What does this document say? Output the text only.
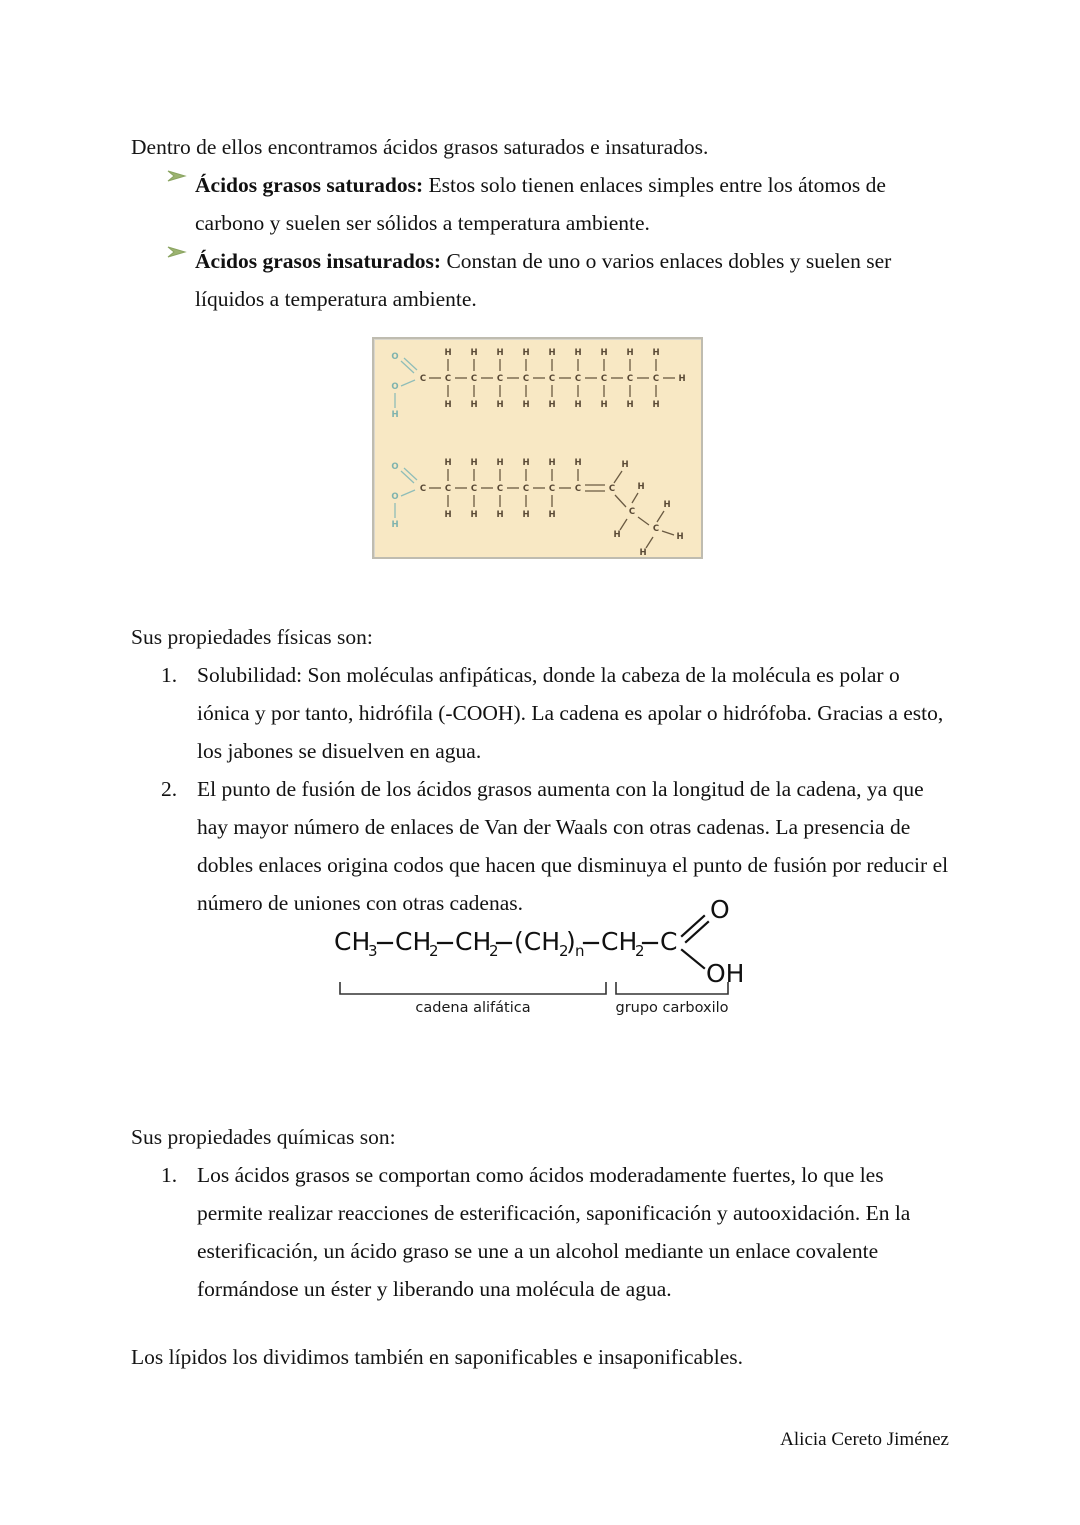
Dentro de ellos encontramos ácidos grasos saturados e insaturados.

Ácidos grasos saturados: Estos solo tienen enlaces simples entre los átomos de carbono y suelen ser sólidos a temperatura ambiente.
Ácidos grasos insaturados: Constan de uno o varios enlaces dobles y suelen ser líquidos a temperatura ambiente.

Sus propiedades físicas son:

1. Solubilidad: Son moléculas anfipáticas, donde la cabeza de la molécula es polar o iónica y por tanto, hidrófila (-COOH). La cadena es apolar o hidrófoba. Gracias a esto, los jabones se disuelven en agua.
2. El punto de fusión de los ácidos grasos aumenta con la longitud de la cadena, ya que hay mayor número de enlaces de Van der Waals con otras cadenas. La presencia de dobles enlaces origina codos que hacen que disminuya el punto de fusión por reducir el número de uniones con otras cadenas.

Sus propiedades químicas son:

1. Los ácidos grasos se comportan como ácidos moderadamente fuertes, lo que les permite realizar reacciones de esterificación, saponificación y autooxidación. En la esterificación, un ácido graso se une a un alcohol mediante un enlace covalente formándose un éster y liberando una molécula de agua.

Los lípidos los dividimos también en saponificables e insaponificables.

O
C
O
H
C C C C C C C C C H
H H H H H H H H H
H H H H H H H H H
O
C
O
H
C C C C C C
H H H H H H
H H H H H
C
H
C
H
H
C
H
H
H
CH
3 CH
2 CH
2 (CH
2
) n CH
2 C
O
OH
cadena alifática	grupo carboxilo
Alicia Cereto Jiménez
